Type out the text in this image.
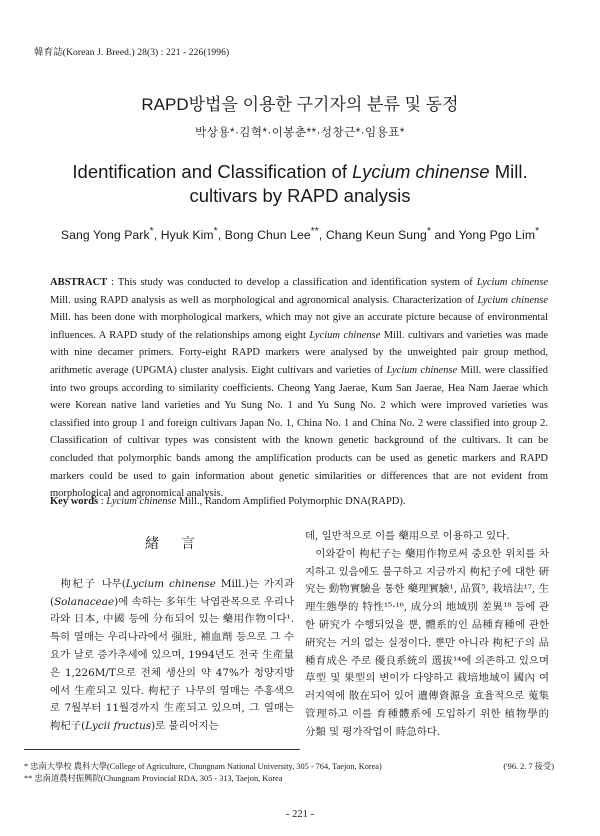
韓育誌(Korean J. Breed.) 28(3) : 221 - 226(1996)
RAPD방법을 이용한 구기자의 분류 및 동정
박상용*·김혁*·이봉춘**·성창근*·임용표*
Identification and Classification of Lycium chinense Mill.
cultivars by RAPD analysis
Sang Yong Park*, Hyuk Kim*, Bong Chun Lee**, Chang Keun Sung* and Yong Pgo Lim*
ABSTRACT : This study was conducted to develop a classification and identification system of Lycium chinense Mill. using RAPD analysis as well as morphological and agronomical analysis. Characterization of Lycium chinense Mill. has been done with morphological markers, which may not give an accurate picture because of environmental influences. A RAPD study of the relationships among eight Lycium chinense Mill. cultivars and varieties was made with nine decamer primers. Forty-eight RAPD markers were analysed by the unweighted pair group method, arithmetic average (UPGMA) cluster analysis. Eight cultivars and varieties of Lycium chinense Mill. were classified into two groups according to similarity coefficients. Cheong Yang Jaerae, Kum San Jaerae, Hea Nam Jaerae which were Korean native land varieties and Yu Sung No. 1 and Yu Sung No. 2 which were improved varieties was classified into group 1 and foreign cultivars Japan No. 1, China No. 1 and China No. 2 were classified into group 2. Classification of cultivar types was consistent with the known genetic background of the cultivars. It can be concluded that polymorphic bands among the amplification products can be used as genetic markers and RAPD markers could be used to gain information about genetic similarities or differences that are not evident from morphological and agronomical analysis.
Key words : Lycium chinense Mill., Random Amplified Polymorphic DNA(RAPD).
緖言

枸杞子 나무(Lycium chinense Mill.)는 가지과(Solanaceae)에 속하는 多年生 낙엽관목으로 우리나라와 日本, 中國 등에 分布되어 있는 藥用作物이다¹. 특히 열매는 우리나라에서 强壯, 補血劑 등으로 그 수요가 날로 증가추세에 있으며, 1994년도 전국 生産量은 1,226M/T으로 전체 생산의 약 47%가 청양지방에서 生産되고 있다. 枸杞子 나무의 열매는 주홍색으로 7월부터 11월경까지 生産되고 있으며, 그 열매는 枸杞子(Lycii fructus)로 불리어지는

데, 일반적으로 이를 藥用으로 이용하고 있다.

이와같이 枸杞子는 藥用作物로써 중요한 위치를 차지하고 있음에도 불구하고 지금까지 枸杞子에 대한 硏究는 動物實驗을 통한 藥理實驗¹, 品質⁵, 栽培法¹⁷, 生理生態學的 特性¹⁵·¹⁶, 成分의 地域別 差異¹⁸ 등에 관한 硏究가 수행되었을 뿐, 體系的인 品種育種에 관한 硏究는 거의 없는 실정이다. 뿐만 아니라 枸杞子의 品種育成은 주로 優良系統의 選拔¹⁴에 의존하고 있으며 草型 및 果型의 변이가 다양하고 栽培地域이 國內 여러지역에 散在되어 있어 遺傳資源을 효율적으로 蒐集 管理하고 이를 育種體系에 도입하기 위한 植物學的 分類 및 평가작업이 時急하다.

* 忠南大學校 農科大學(College of Agriculture, Chungnam National University, 305 - 764, Taejon, Korea)
** 忠南道農村振興院(Chungnam Provincial RDA, 305 - 313, Taejon, Korea
('96. 2. 7 接受)
- 221 -
